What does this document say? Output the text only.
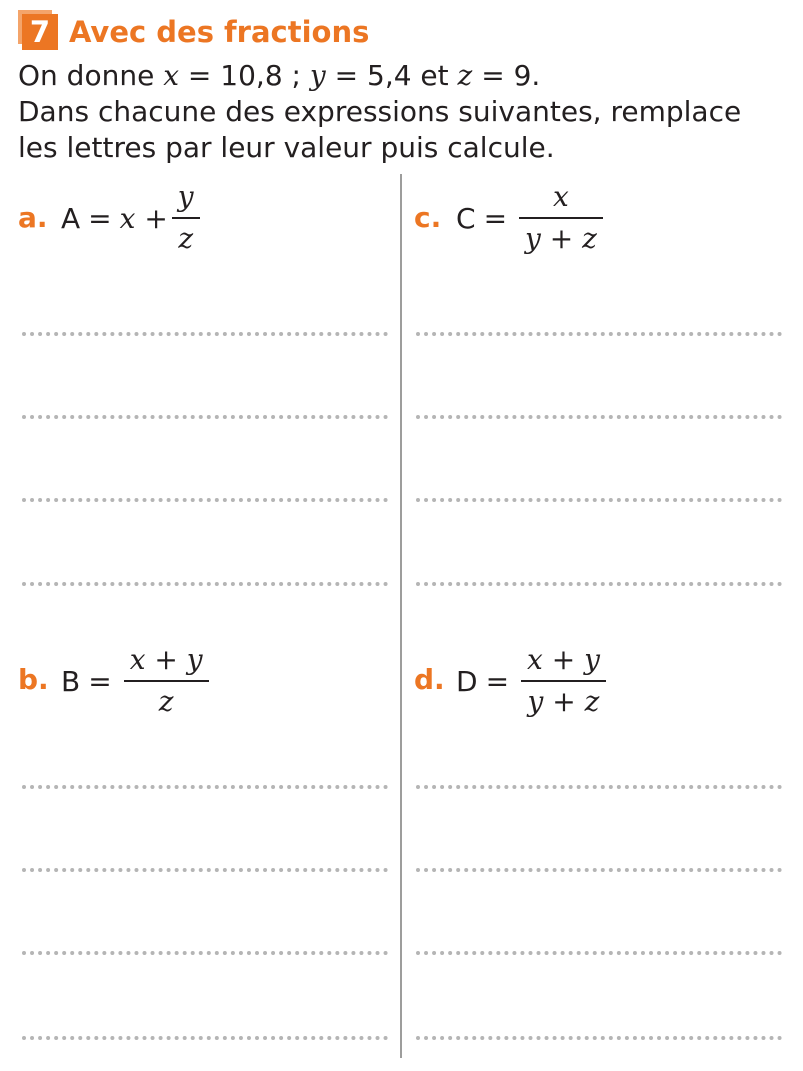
7 Avec des fractions

On donne x = 10,8 ; y = 5,4 et z = 9.

Dans chacune des expressions suivantes, remplace

les lettres par leur valeur puis calcule.

a. $A = x + \frac{y}{z}$	c. $C = \frac{x}{y + z}$
b. $B = \frac{x + y}{z}$	d. $D = \frac{x + y}{y + z}$
